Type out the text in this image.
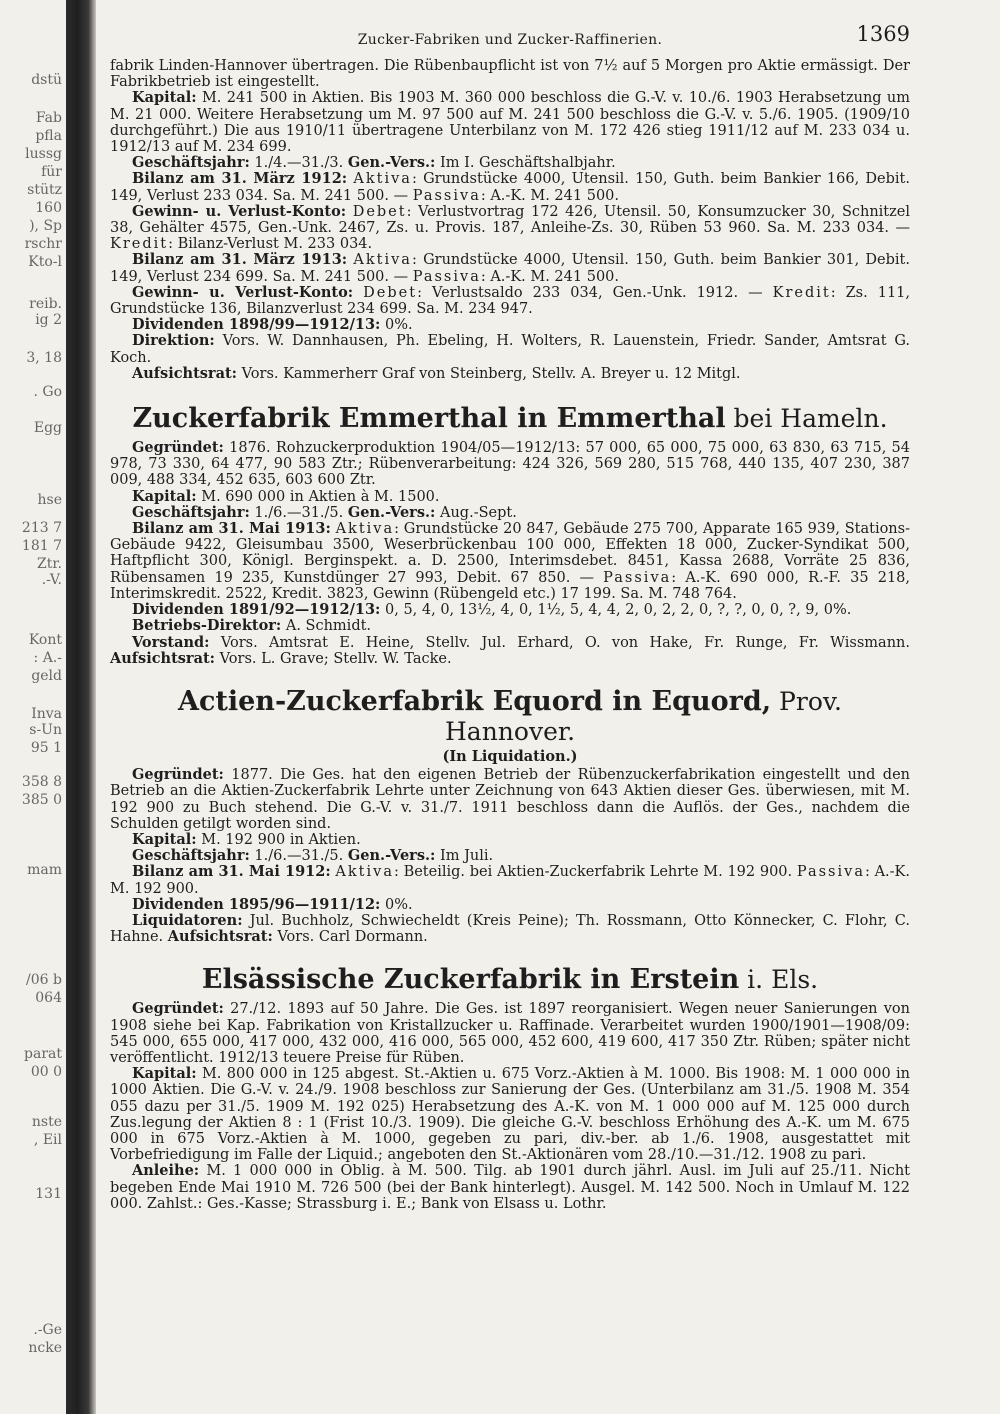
dstü
Fab
pfla
lussg
für
stütz
160
), Sp
rschr
Kto-l
reib.
ig 2
3, 18
. Go
Egg
hse
213 7
181 7
Ztr.
.-V.
Kont
: A.-
geld
Inva
s-Un
95 1
358 8
385 0
mam
/06 b
064
parat
00 0
nste
, Eil
131
.-Ge
ncke
Zucker-Fabriken und Zucker-Raffinerien.	1369

fabrik Linden-Hannover übertragen. Die Rübenbaupflicht ist von 7½ auf 5 Morgen pro Aktie ermässigt. Der Fabrikbetrieb ist eingestellt.

Kapital: M. 241 500 in Aktien. Bis 1903 M. 360 000 beschloss die G.-V. v. 10./6. 1903 Herabsetzung um M. 21 000. Weitere Herabsetzung um M. 97 500 auf M. 241 500 beschloss die G.-V. v. 5./6. 1905. (1909/10 durchgeführt.) Die aus 1910/11 übertragene Unterbilanz von M. 172 426 stieg 1911/12 auf M. 233 034 u. 1912/13 auf M. 234 699.

Geschäftsjahr: 1./4.—31./3. Gen.-Vers.: Im I. Geschäftshalbjahr.

Bilanz am 31. März 1912: Aktiva: Grundstücke 4000, Utensil. 150, Guth. beim Bankier 166, Debit. 149, Verlust 233 034. Sa. M. 241 500. — Passiva: A.-K. M. 241 500.

Gewinn- u. Verlust-Konto: Debet: Verlustvortrag 172 426, Utensil. 50, Konsumzucker 30, Schnitzel 38, Gehälter 4575, Gen.-Unk. 2467, Zs. u. Provis. 187, Anleihe-Zs. 30, Rüben 53 960. Sa. M. 233 034. — Kredit: Bilanz-Verlust M. 233 034.

Bilanz am 31. März 1913: Aktiva: Grundstücke 4000, Utensil. 150, Guth. beim Bankier 301, Debit. 149, Verlust 234 699. Sa. M. 241 500. — Passiva: A.-K. M. 241 500.

Gewinn- u. Verlust-Konto: Debet: Verlustsaldo 233 034, Gen.-Unk. 1912. — Kredit: Zs. 111, Grundstücke 136, Bilanzverlust 234 699. Sa. M. 234 947.

Dividenden 1898/99—1912/13: 0%.

Direktion: Vors. W. Dannhausen, Ph. Ebeling, H. Wolters, R. Lauenstein, Friedr. Sander, Amtsrat G. Koch.

Aufsichtsrat: Vors. Kammerherr Graf von Steinberg, Stellv. A. Breyer u. 12 Mitgl.

Zuckerfabrik Emmerthal in Emmerthal bei Hameln.

Gegründet: 1876. Rohzuckerproduktion 1904/05—1912/13: 57 000, 65 000, 75 000, 63 830, 63 715, 54 978, 73 330, 64 477, 90 583 Ztr.; Rübenverarbeitung: 424 326, 569 280, 515 768, 440 135, 407 230, 387 009, 488 334, 452 635, 603 600 Ztr.

Kapital: M. 690 000 in Aktien à M. 1500.

Geschäftsjahr: 1./6.—31./5. Gen.-Vers.: Aug.-Sept.

Bilanz am 31. Mai 1913: Aktiva: Grundstücke 20 847, Gebäude 275 700, Apparate 165 939, Stations-Gebäude 9422, Gleisumbau 3500, Weserbrückenbau 100 000, Effekten 18 000, Zucker-Syndikat 500, Haftpflicht 300, Königl. Berginspekt. a. D. 2500, Interimsdebet. 8451, Kassa 2688, Vorräte 25 836, Rübensamen 19 235, Kunstdünger 27 993, Debit. 67 850. — Passiva: A.-K. 690 000, R.-F. 35 218, Interimskredit. 2522, Kredit. 3823, Gewinn (Rübengeld etc.) 17 199. Sa. M. 748 764.

Dividenden 1891/92—1912/13: 0, 5, 4, 0, 13½, 4, 0, 1½, 5, 4, 4, 2, 0, 2, 2, 0, ?, ?, 0, 0, ?, 9, 0%.

Betriebs-Direktor: A. Schmidt.

Vorstand: Vors. Amtsrat E. Heine, Stellv. Jul. Erhard, O. von Hake, Fr. Runge, Fr. Wissmann. Aufsichtsrat: Vors. L. Grave; Stellv. W. Tacke.

Actien-Zuckerfabrik Equord in Equord, Prov. Hannover.
(In Liquidation.)

Gegründet: 1877. Die Ges. hat den eigenen Betrieb der Rübenzuckerfabrikation eingestellt und den Betrieb an die Aktien-Zuckerfabrik Lehrte unter Zeichnung von 643 Aktien dieser Ges. überwiesen, mit M. 192 900 zu Buch stehend. Die G.-V. v. 31./7. 1911 beschloss dann die Auflös. der Ges., nachdem die Schulden getilgt worden sind.

Kapital: M. 192 900 in Aktien.

Geschäftsjahr: 1./6.—31./5. Gen.-Vers.: Im Juli.

Bilanz am 31. Mai 1912: Aktiva: Beteilig. bei Aktien-Zuckerfabrik Lehrte M. 192 900. Passiva: A.-K. M. 192 900.

Dividenden 1895/96—1911/12: 0%.

Liquidatoren: Jul. Buchholz, Schwiecheldt (Kreis Peine); Th. Rossmann, Otto Könnecker, C. Flohr, C. Hahne. Aufsichtsrat: Vors. Carl Dormann.

Elsässische Zuckerfabrik in Erstein i. Els.

Gegründet: 27./12. 1893 auf 50 Jahre. Die Ges. ist 1897 reorganisiert. Wegen neuer Sanierungen von 1908 siehe bei Kap. Fabrikation von Kristallzucker u. Raffinade. Verarbeitet wurden 1900/1901—1908/09: 545 000, 655 000, 417 000, 432 000, 416 000, 565 000, 452 600, 419 600, 417 350 Ztr. Rüben; später nicht veröffentlicht. 1912/13 teuere Preise für Rüben.

Kapital: M. 800 000 in 125 abgest. St.-Aktien u. 675 Vorz.-Aktien à M. 1000. Bis 1908: M. 1 000 000 in 1000 Aktien. Die G.-V. v. 24./9. 1908 beschloss zur Sanierung der Ges. (Unterbilanz am 31./5. 1908 M. 354 055 dazu per 31./5. 1909 M. 192 025) Herabsetzung des A.-K. von M. 1 000 000 auf M. 125 000 durch Zus.legung der Aktien 8 : 1 (Frist 10./3. 1909). Die gleiche G.-V. beschloss Erhöhung des A.-K. um M. 675 000 in 675 Vorz.-Aktien à M. 1000, gegeben zu pari, div.-ber. ab 1./6. 1908, ausgestattet mit Vorbefriedigung im Falle der Liquid.; angeboten den St.-Aktionären vom 28./10.—31./12. 1908 zu pari.

Anleihe: M. 1 000 000 in Oblig. à M. 500. Tilg. ab 1901 durch jährl. Ausl. im Juli auf 25./11. Nicht begeben Ende Mai 1910 M. 726 500 (bei der Bank hinterlegt). Ausgel. M. 142 500. Noch in Umlauf M. 122 000. Zahlst.: Ges.-Kasse; Strassburg i. E.; Bank von Elsass u. Lothr.
